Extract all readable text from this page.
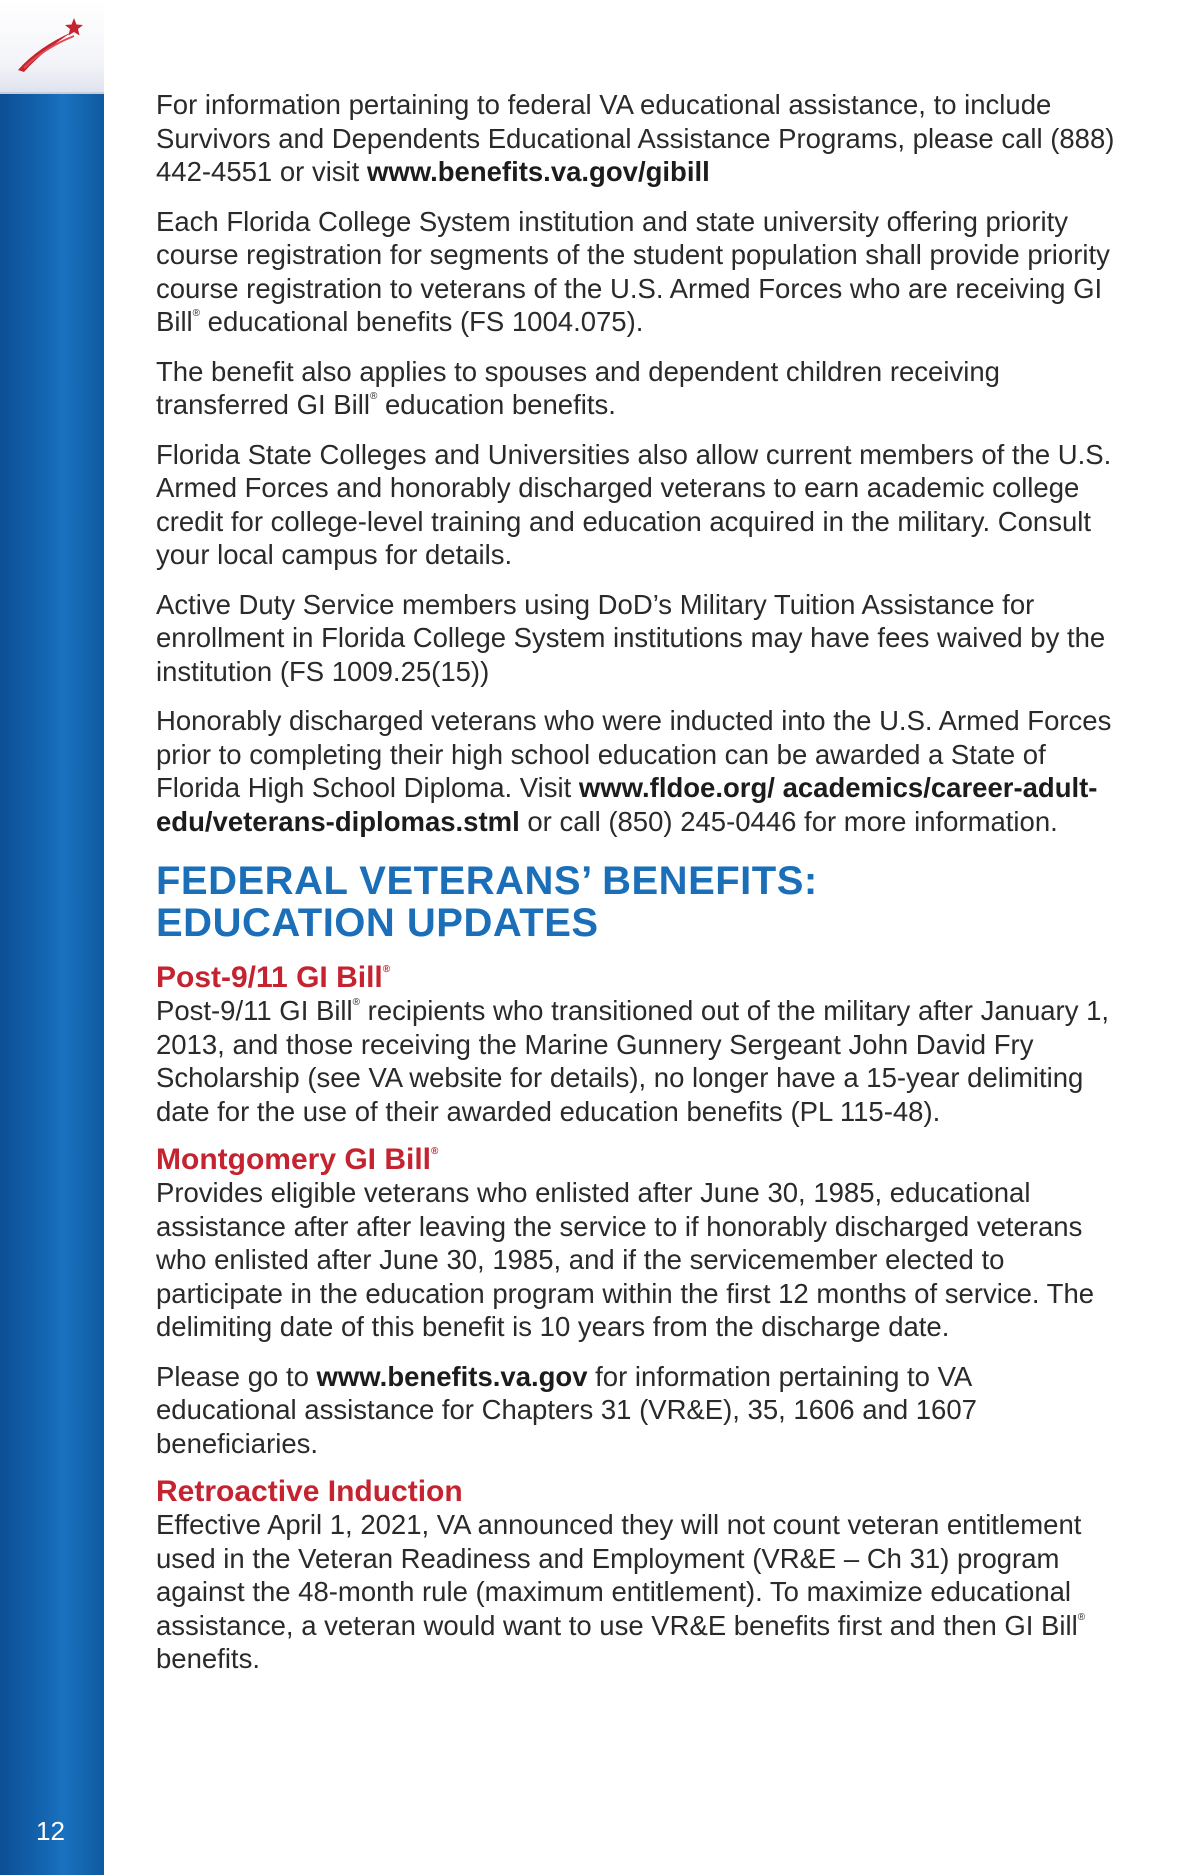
12

For information pertaining to federal VA educational assistance, to include Survivors and Dependents Educational Assistance Programs, please call (888) 442-4551 or visit www.benefits.va.gov/gibill

Each Florida College System institution and state university offering priority course registration for segments of the student population shall provide priority course registration to veterans of the U.S. Armed Forces who are receiving GI Bill® educational benefits (FS 1004.075).

The benefit also applies to spouses and dependent children receiving transferred GI Bill® education benefits.

Florida State Colleges and Universities also allow current members of the U.S. Armed Forces and honorably discharged veterans to earn academic college credit for college-level training and education acquired in the military. Consult your local campus for details.

Active Duty Service members using DoD’s Military Tuition Assistance for enrollment in Florida College System institutions may have fees waived by the institution (FS 1009.25(15))

Honorably discharged veterans who were inducted into the U.S. Armed Forces prior to completing their high school education can be awarded a State of Florida High School Diploma. Visit www.fldoe.org/ academics/career-adult-edu/veterans-diplomas.stml or call (850) 245-0446 for more information.

FEDERAL VETERANS’ BENEFITS:
EDUCATION UPDATES
Post-9/11 GI Bill®
Post-9/11 GI Bill® recipients who transitioned out of the military after January 1, 2013, and those receiving the Marine Gunnery Sergeant John David Fry Scholarship (see VA website for details), no longer have a 15-year delimiting date for the use of their awarded education benefits (PL 115-48).
Montgomery GI Bill®
Provides eligible veterans who enlisted after June 30, 1985, educational assistance after after leaving the service to if honorably discharged veterans who enlisted after June 30, 1985, and if the servicemember elected to participate in the education program within the first 12 months of service. The delimiting date of this benefit is 10 years from the discharge date.

Please go to www.benefits.va.gov for information pertaining to VA educational assistance for Chapters 31 (VR&E), 35, 1606 and 1607 beneficiaries.

Retroactive Induction
Effective April 1, 2021, VA announced they will not count veteran entitlement used in the Veteran Readiness and Employment (VR&E – Ch 31) program against the 48-month rule (maximum entitlement). To maximize educational assistance, a veteran would want to use VR&E benefits first and then GI Bill® benefits.
